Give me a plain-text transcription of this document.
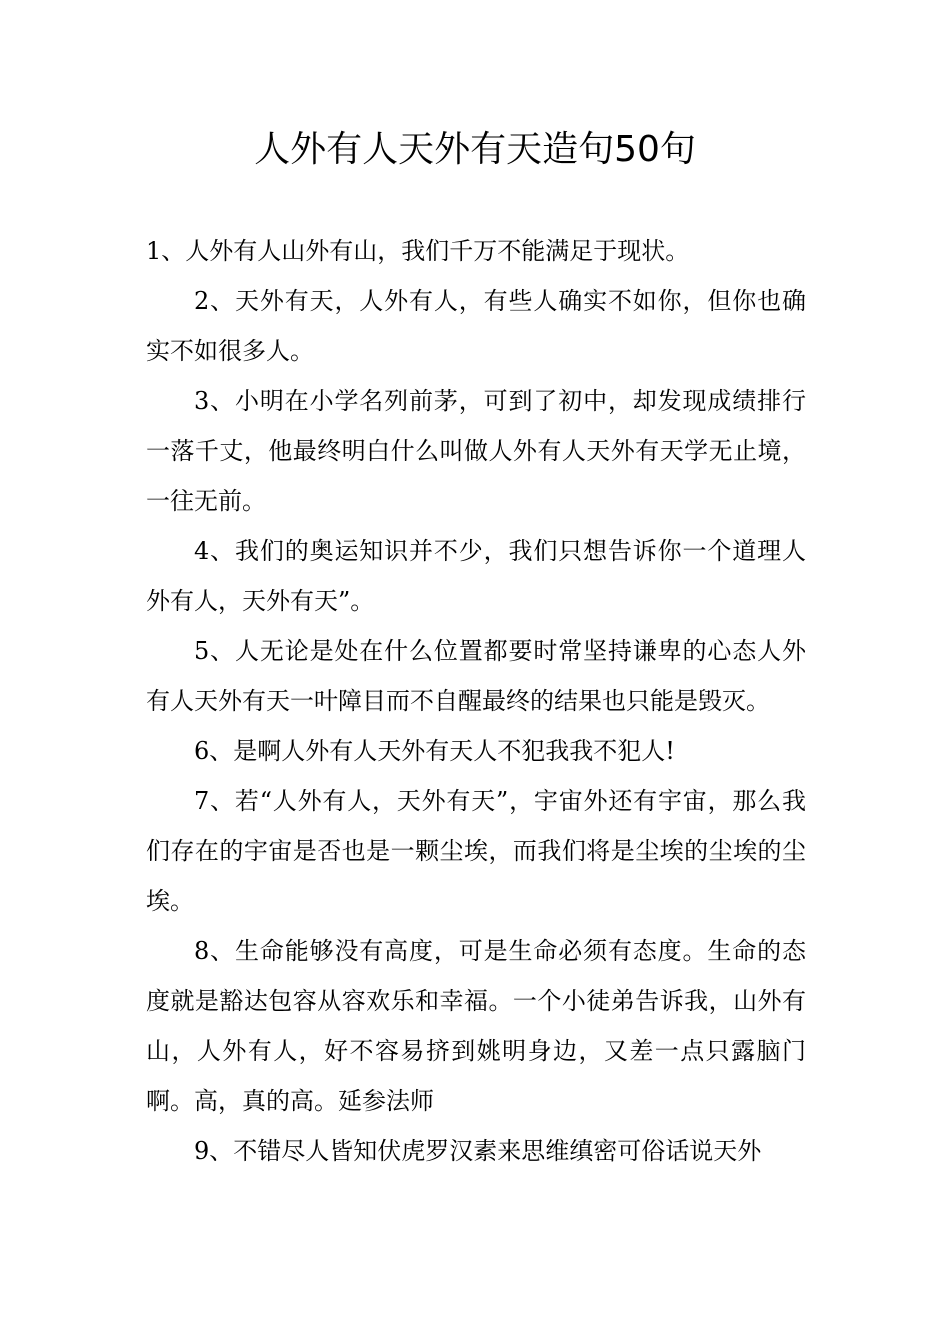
人外有人天外有天造句50句

1、人外有人山外有山，我们千万不能满足于现状。

2、天外有天，人外有人，有些人确实不如你，但你也确实不如很多人。

3、小明在小学名列前茅，可到了初中，却发现成绩排行一落千丈，他最终明白什么叫做人外有人天外有天学无止境，一往无前。

4、我们的奥运知识并不少，我们只想告诉你一个道理人外有人，天外有天”。

5、人无论是处在什么位置都要时常坚持谦卑的心态人外有人天外有天一叶障目而不自醒最终的结果也只能是毁灭。

6、是啊人外有人天外有天人不犯我我不犯人!

7、若“人外有人，天外有天”，宇宙外还有宇宙，那么我们存在的宇宙是否也是一颗尘埃，而我们将是尘埃的尘埃的尘埃。

8、生命能够没有高度，可是生命必须有态度。生命的态度就是豁达包容从容欢乐和幸福。一个小徒弟告诉我，山外有山，人外有人，好不容易挤到姚明身边，又差一点只露脑门啊。高，真的高。延参法师

9、不错尽人皆知伏虎罗汉素来思维缜密可俗话说天外
